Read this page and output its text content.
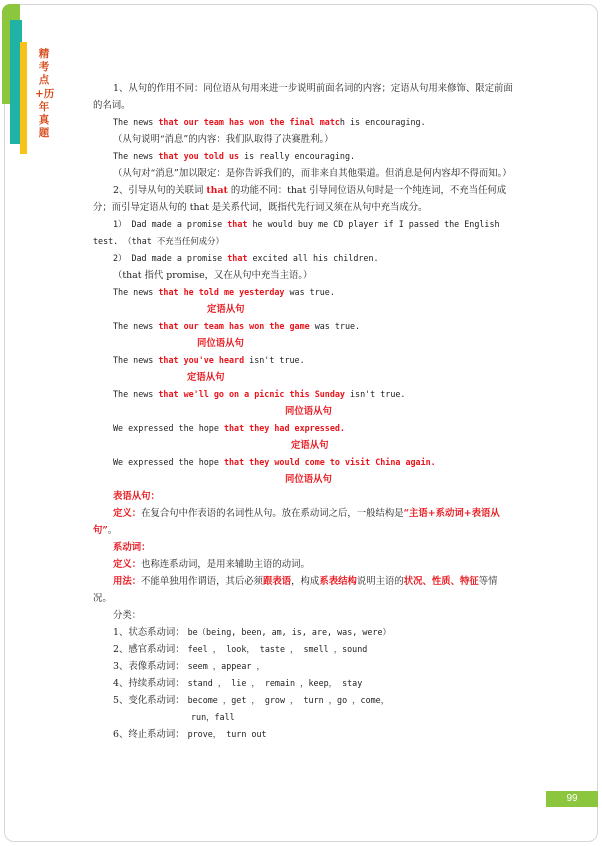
精考点+历年真题

1、从句的作用不同：同位语从句用来进一步说明前面名词的内容；定语从句用来修饰、限定前面的名词。

The news that our team has won the final match is encouraging.

（从句说明“消息”的内容：我们队取得了决赛胜利。）

The news that you told us is really encouraging.

（从句对“消息”加以限定：是你告诉我们的，而非来自其他渠道。但消息是何内容却不得而知。）

2、引导从句的关联词 that 的功能不同：that 引导同位语从句时是一个纯连词，不充当任何成分；而引导定语从句的 that 是关系代词，既指代先行词又须在从句中充当成分。

1） Dad made a promise that he would buy me CD player if I passed the English test. （that 不充当任何成分）

2） Dad made a promise that excited all his children.

（that 指代 promise，又在从句中充当主语。）

The news that he told me yesterday was true.

定语从句

The news that our team has won the game was true.

同位语从句

The news that you've heard isn't true.

定语从句

The news that we'll go on a picnic this Sunday isn't true.

同位语从句

We expressed the hope that they had expressed.

定语从句

We expressed the hope that they would come to visit China again.

同位语从句

表语从句：

定义：在复合句中作表语的名词性从句。放在系动词之后，一般结构是“主语+系动词+表语从句”。

系动词：

定义：也称连系动词，是用来辅助主语的动词。

用法：不能单独用作谓语，其后必须跟表语，构成系表结构说明主语的状况、性质、特征等情况。

分类：

1、状态系动词： be（being, been, am, is, are, was, were）

2、感官系动词： feel ， look， taste ， smell ，sound

3、表像系动词： seem ，appear ，

4、持续系动词： stand ， lie ， remain ，keep， stay

5、变化系动词： become ，get ， grow ， turn ，go ，come，

run，fall

6、终止系动词： prove， turn out

99
